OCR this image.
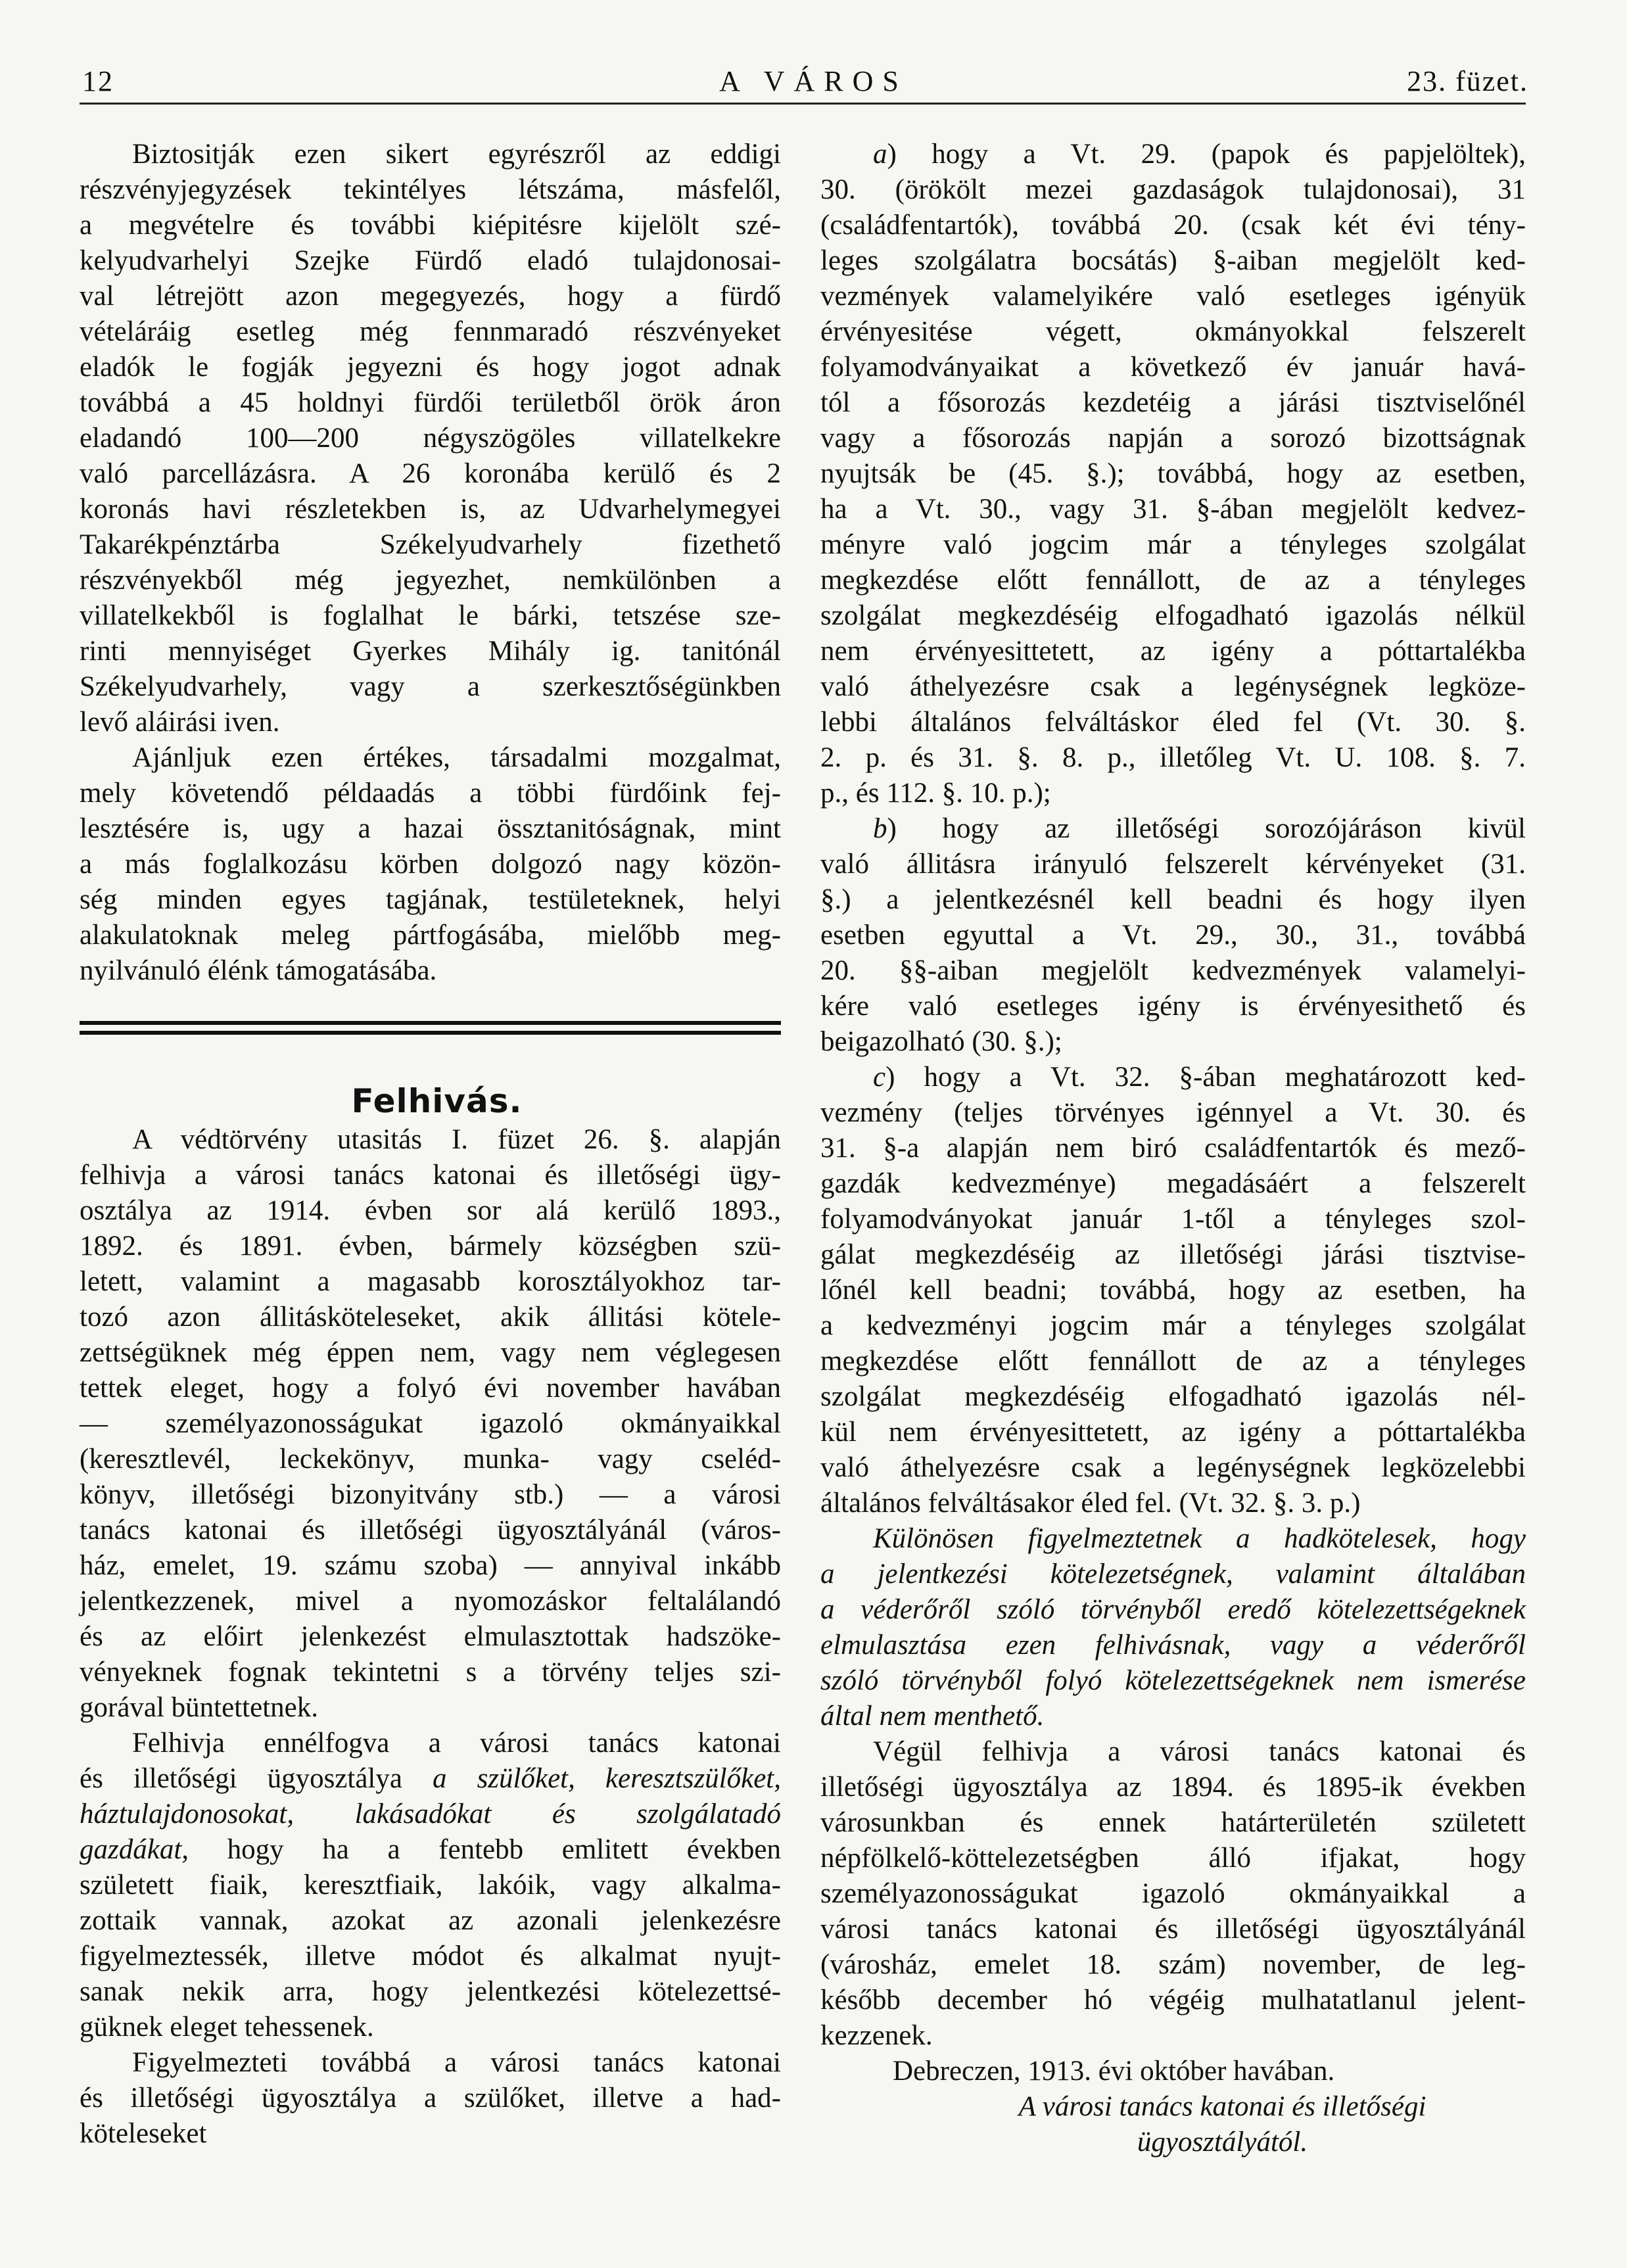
12	A VÁROS	23. füzet.
Biztositják ezen sikert egyrészről az eddigi
részvényjegyzések tekintélyes létszáma, másfelől,
a megvételre és további kiépitésre kijelölt szé-
kelyudvarhelyi Szejke Fürdő eladó tulajdonosai-
val létrejött azon megegyezés, hogy a fürdő
vételáráig esetleg még fennmaradó részvényeket
eladók le fogják jegyezni és hogy jogot adnak
továbbá a 45 holdnyi fürdői területből örök áron
eladandó 100—200 négyszögöles villatelkekre
való parcellázásra. A 26 koronába kerülő és 2
koronás havi részletekben is, az Udvarhelymegyei
Takarékpénztárba Székelyudvarhely fizethető
részvényekből még jegyezhet, nemkülönben a
villatelkekből is foglalhat le bárki, tetszése sze-
rinti mennyiséget Gyerkes Mihály ig. tanitónál
Székelyudvarhely, vagy a szerkesztőségünkben
levő aláirási iven.
Ajánljuk ezen értékes, társadalmi mozgalmat,
mely követendő példaadás a többi fürdőink fej-
lesztésére is, ugy a hazai össztanitóságnak, mint
a más foglalkozásu körben dolgozó nagy közön-
ség minden egyes tagjának, testületeknek, helyi
alakulatoknak meleg pártfogásába, mielőbb meg-
nyilvánuló élénk támogatásába.
Felhivás.
A védtörvény utasitás I. füzet 26. §. alapján
felhivja a városi tanács katonai és illetőségi ügy-
osztálya az 1914. évben sor alá kerülő 1893.,
1892. és 1891. évben, bármely községben szü-
letett, valamint a magasabb korosztályokhoz tar-
tozó azon állitásköteleseket, akik állitási kötele-
zettségüknek még éppen nem, vagy nem véglegesen
tettek eleget, hogy a folyó évi november havában
— személyazonosságukat igazoló okmányaikkal
(keresztlevél, leckekönyv, munka- vagy cseléd-
könyv, illetőségi bizonyitvány stb.) — a városi
tanács katonai és illetőségi ügyosztályánál (város-
ház, emelet, 19. számu szoba) — annyival inkább
jelentkezzenek, mivel a nyomozáskor feltalálandó
és az előirt jelenkezést elmulasztottak hadszöke-
vényeknek fognak tekintetni s a törvény teljes szi-
gorával büntettetnek.
Felhivja ennélfogva a városi tanács katonai
és illetőségi ügyosztálya a szülőket, keresztszülőket,
háztulajdonosokat, lakásadókat és szolgálatadó
gazdákat, hogy ha a fentebb emlitett években
született fiaik, keresztfiaik, lakóik, vagy alkalma-
zottaik vannak, azokat az azonali jelenkezésre
figyelmeztessék, illetve módot és alkalmat nyujt-
sanak nekik arra, hogy jelentkezési kötelezettsé-
güknek eleget tehessenek.
Figyelmezteti továbbá a városi tanács katonai
és illetőségi ügyosztálya a szülőket, illetve a had-
köteleseket
a) hogy a Vt. 29. (papok és papjelöltek),
30. (örökölt mezei gazdaságok tulajdonosai), 31
(családfentartók), továbbá 20. (csak két évi tény-
leges szolgálatra bocsátás) §-aiban megjelölt ked-
vezmények valamelyikére való esetleges igényük
érvényesitése végett, okmányokkal felszerelt
folyamodványaikat a következő év január havá-
tól a fősorozás kezdetéig a járási tisztviselőnél
vagy a fősorozás napján a sorozó bizottságnak
nyujtsák be (45. §.); továbbá, hogy az esetben,
ha a Vt. 30., vagy 31. §-ában megjelölt kedvez-
ményre való jogcim már a tényleges szolgálat
megkezdése előtt fennállott, de az a tényleges
szolgálat megkezdéséig elfogadható igazolás nélkül
nem érvényesittetett, az igény a póttartalékba
való áthelyezésre csak a legénységnek legköze-
lebbi általános felváltáskor éled fel (Vt. 30. §.
2. p. és 31. §. 8. p., illetőleg Vt. U. 108. §. 7.
p., és 112. §. 10. p.);
b) hogy az illetőségi sorozójáráson kivül
való állitásra irányuló felszerelt kérvényeket (31.
§.) a jelentkezésnél kell beadni és hogy ilyen
esetben egyuttal a Vt. 29., 30., 31., továbbá
20. §§-aiban megjelölt kedvezmények valamelyi-
kére való esetleges igény is érvényesithető és
beigazolható (30. §.);
c) hogy a Vt. 32. §-ában meghatározott ked-
vezmény (teljes törvényes igénnyel a Vt. 30. és
31. §-a alapján nem biró családfentartók és mező-
gazdák kedvezménye) megadásáért a felszerelt
folyamodványokat január 1-től a tényleges szol-
gálat megkezdéséig az illetőségi járási tisztvise-
lőnél kell beadni; továbbá, hogy az esetben, ha
a kedvezményi jogcim már a tényleges szolgálat
megkezdése előtt fennállott de az a tényleges
szolgálat megkezdéséig elfogadható igazolás nél-
kül nem érvényesittetett, az igény a póttartalékba
való áthelyezésre csak a legénységnek legközelebbi
általános felváltásakor éled fel. (Vt. 32. §. 3. p.)
Különösen figyelmeztetnek a hadkötelesek, hogy
a jelentkezési kötelezetségnek, valamint általában
a véderőről szóló törvényből eredő kötelezettségeknek
elmulasztása ezen felhivásnak, vagy a véderőről
szóló törvényből folyó kötelezettségeknek nem ismerése
által nem menthető.
Végül felhivja a városi tanács katonai és
illetőségi ügyosztálya az 1894. és 1895-ik években
városunkban és ennek határterületén született
népfölkelő-köttelezetségben álló ifjakat, hogy
személyazonosságukat igazoló okmányaikkal a
városi tanács katonai és illetőségi ügyosztályánál
(városház, emelet 18. szám) november, de leg-
később december hó végéig mulhatatlanul jelent-
kezzenek.
Debreczen, 1913. évi október havában.
A városi tanács katonai és illetőségi
ügyosztályától.
